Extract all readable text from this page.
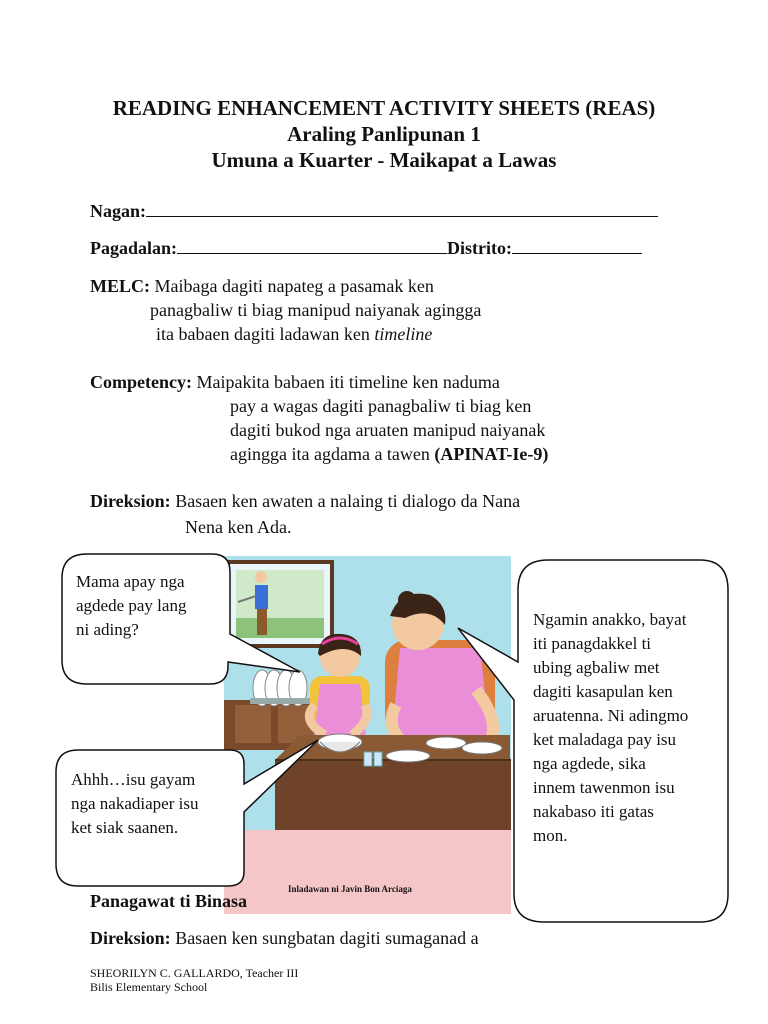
READING ENHANCEMENT ACTIVITY SHEETS (REAS)
Araling Panlipunan 1
Umuna a Kuarter - Maikapat a Lawas
Nagan:
Pagadalan:	Distrito:
MELC: Maibaga dagiti napateg a pasamak ken
panagbaliw ti biag manipud naiyanak agingga
ita babaen dagiti ladawan ken timeline
Competency: Maipakita babaen iti timeline ken naduma
pay a wagas dagiti panagbaliw ti biag ken
dagiti bukod nga aruaten manipud naiyanak
agingga ita agdama a tawen (APINAT-Ie-9)
Direksion: Basaen ken awaten a nalaing ti dialogo da Nana
Nena ken Ada.
Mama apay nga
agdede pay lang
ni ading?
Ahhh…isu gayam
nga nakadiaper isu
ket siak saanen.
Ngamin anakko, bayat
iti panagdakkel ti
ubing agbaliw met
dagiti kasapulan ken
aruatenna. Ni adingmo
ket maladaga pay isu
nga agdede, sika
innem tawenmon isu
nakabaso iti gatas
mon.
Inladawan ni Javin Bon Arciaga
Panagawat ti Binasa
Direksion: Basaen ken sungbatan dagiti sumaganad a
SHEORILYN C. GALLARDO, Teacher III
Bilis Elementary School
